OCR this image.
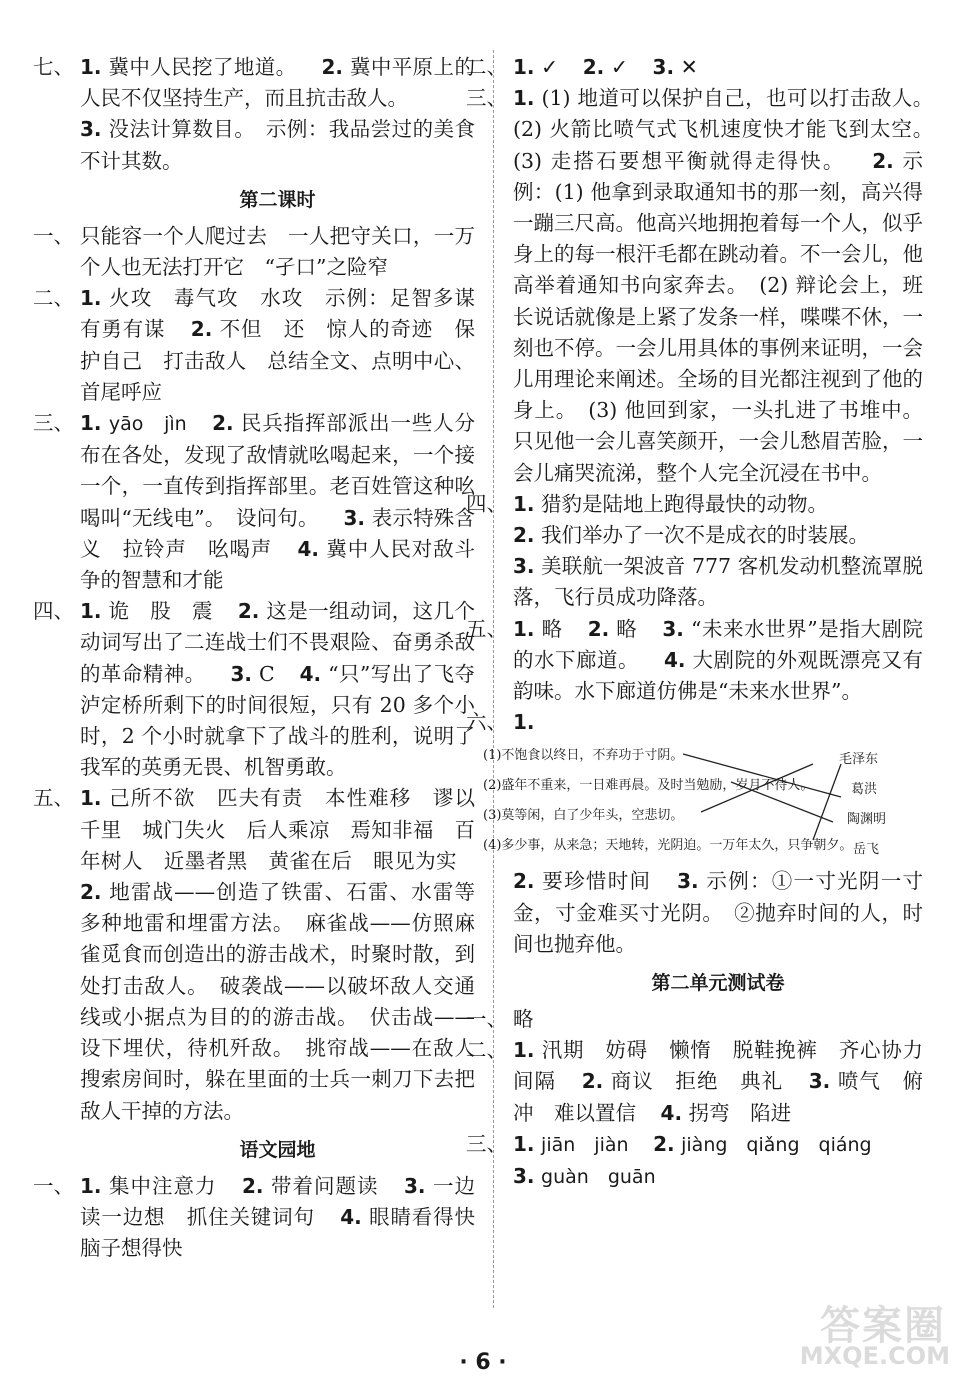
七、 1. 冀中人民挖了地道。 2. 冀中平原上的人民不仅坚持生产，而且抗击敌人。
3. 没法计算数目。　示例：我品尝过的美食不计其数。
第二课时
一、 只能容一个人爬过去　一人把守关口，一万个人也无法打开它　“孑口”之险窄
二、 1. 火攻　毒气攻　水攻　示例：足智多谋　有勇有谋 2. 不但　还　惊人的奇迹　保护自己　打击敌人　总结全文、点明中心、首尾呼应
三、 1. yāo　jìn 2. 民兵指挥部派出一些人分布在各处，发现了敌情就吆喝起来，一个接一个，一直传到指挥部里。老百姓管这种吆喝叫“无线电”。　设问句。 3. 表示特殊含义　拉铃声　吆喝声 4. 冀中人民对敌斗争的智慧和才能
四、 1. 诡　股　震 2. 这是一组动词，这几个动词写出了二连战士们不畏艰险、奋勇杀敌的革命精神。 3. C 4. “只”写出了飞夺泸定桥所剩下的时间很短，只有 20 多个小时，2 个小时就拿下了战斗的胜利，说明了我军的英勇无畏、机智勇敢。
五、 1. 己所不欲　匹夫有责　本性难移　谬以千里　城门失火　后人乘凉　焉知非福　百年树人　近墨者黑　黄雀在后　眼见为实 2. 地雷战——创造了铁雷、石雷、水雷等多种地雷和埋雷方法。　麻雀战——仿照麻雀觅食而创造出的游击战术，时聚时散，到处打击敌人。　破袭战——以破坏敌人交通线或小据点为目的的游击战。　伏击战——设下埋伏，待机歼敌。　挑帘战——在敌人搜索房间时，躲在里面的士兵一刺刀下去把敌人干掉的方法。
语文园地
一、 1. 集中注意力 2. 带着问题读 3. 一边读一边想　抓住关键词句 4. 眼睛看得快　脑子想得快
二、 1. ✓ 2. ✓ 3. ✕
三、 1. (1) 地道可以保护自己，也可以打击敌人。　(2) 火箭比喷气式飞机速度快才能飞到太空。　(3) 走搭石要想平衡就得走得快。 2. 示例：(1) 他拿到录取通知书的那一刻，高兴得一蹦三尺高。他高兴地拥抱着每一个人，似乎身上的每一根汗毛都在跳动着。不一会儿，他高举着通知书向家奔去。　(2) 辩论会上，班长说话就像是上紧了发条一样，喋喋不休，一刻也不停。一会儿用具体的事例来证明，一会儿用理论来阐述。全场的目光都注视到了他的身上。　(3) 他回到家，一头扎进了书堆中。只见他一会儿喜笑颜开，一会儿愁眉苦脸，一会儿痛哭流涕，整个人完全沉浸在书中。
四、 1. 猎豹是陆地上跑得最快的动物。
2. 我们举办了一次不是成衣的时装展。
3. 美联航一架波音 777 客机发动机整流罩脱落，飞行员成功降落。
五、 1. 略 2. 略 3. “未来水世界”是指大剧院的水下廊道。 4. 大剧院的外观既漂亮又有韵味。水下廊道仿佛是“未来水世界”。
六、 1.
(1)不饱食以终日，不弃功于寸阴。
(2)盛年不重来，一日难再晨。及时当勉励，岁月不待人。
(3)莫等闲，白了少年头，空悲切。
(4)多少事，从来急；天地转，光阴迫。一万年太久，只争朝夕。
毛泽东
葛洪
陶渊明
岳飞
2. 要珍惜时间 3. 示例：①一寸光阴一寸金，寸金难买寸光阴。　②抛弃时间的人，时间也抛弃他。
第二单元测试卷
一、 略
二、 1. 汛期　妨碍　懒惰　脱鞋挽裤　齐心协力　间隔 2. 商议　拒绝　典礼 3. 喷气　俯冲　难以置信 4. 拐弯　陷进
三、 1. jiān　jiàn 2. jiàng　qiǎng　qiáng
3. guàn　guān
· 6 ·
答案圈
MXQE.COM
